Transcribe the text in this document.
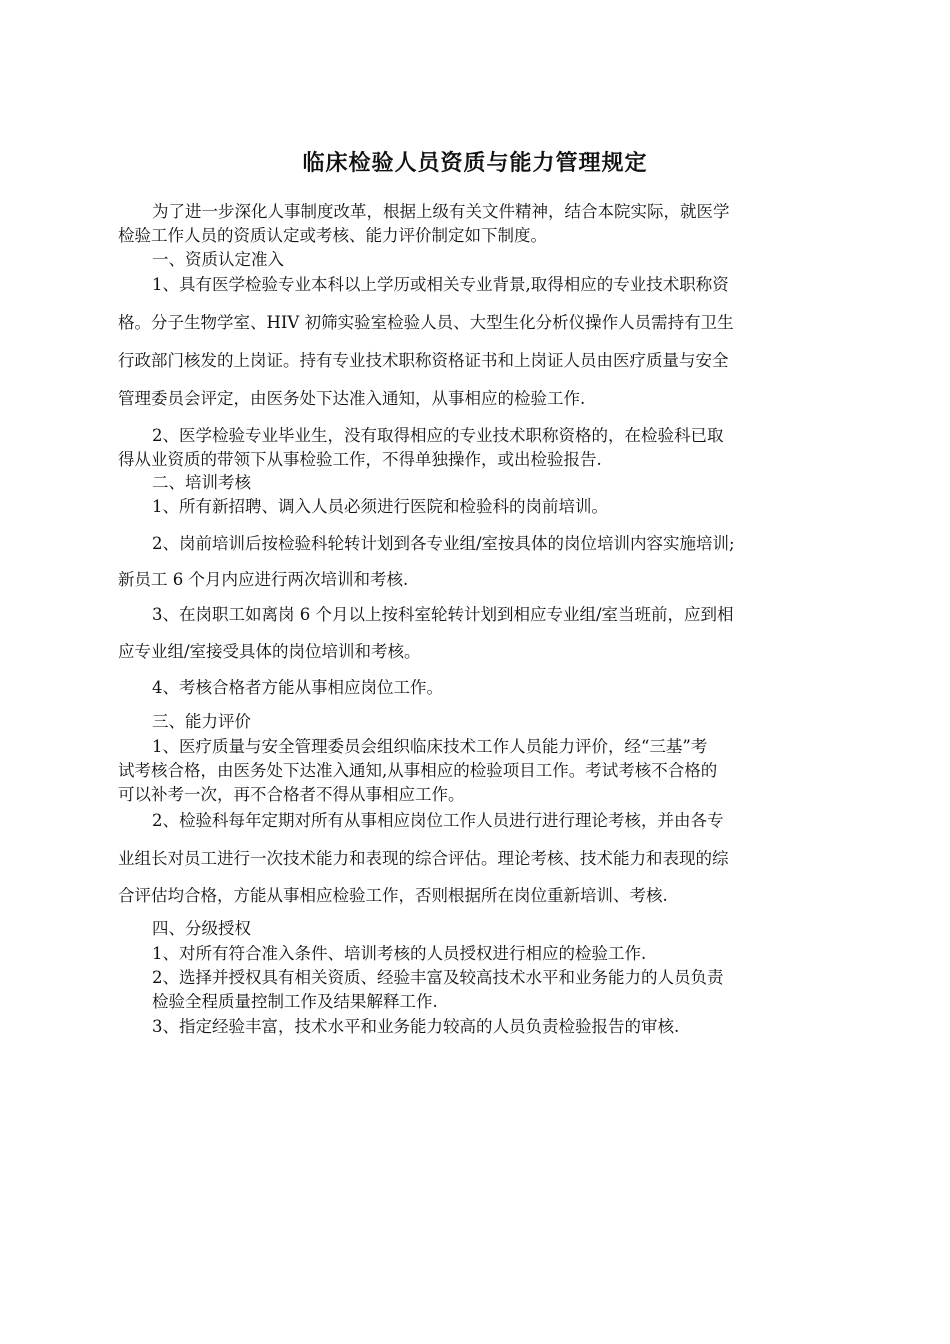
临床检验人员资质与能力管理规定
为了进一步深化人事制度改革，根据上级有关文件精神，结合本院实际，就医学
检验工作人员的资质认定或考核、能力评价制定如下制度。
一、资质认定准入
1、具有医学检验专业本科以上学历或相关专业背景,取得相应的专业技术职称资
格。分子生物学室、HIV 初筛实验室检验人员、大型生化分析仪操作人员需持有卫生
行政部门核发的上岗证。持有专业技术职称资格证书和上岗证人员由医疗质量与安全
管理委员会评定，由医务处下达准入通知，从事相应的检验工作.
2、医学检验专业毕业生，没有取得相应的专业技术职称资格的，在检验科已取
得从业资质的带领下从事检验工作，不得单独操作，或出检验报告.
二、培训考核
1、所有新招聘、调入人员必须进行医院和检验科的岗前培训。
2、岗前培训后按检验科轮转计划到各专业组/室按具体的岗位培训内容实施培训;
新员工 6 个月内应进行两次培训和考核.
3、在岗职工如离岗 6 个月以上按科室轮转计划到相应专业组/室当班前，应到相
应专业组/室接受具体的岗位培训和考核。
4、考核合格者方能从事相应岗位工作。
三、能力评价
1、医疗质量与安全管理委员会组织临床技术工作人员能力评价，经“三基”考
试考核合格，由医务处下达准入通知,从事相应的检验项目工作。考试考核不合格的
可以补考一次，再不合格者不得从事相应工作。
2、检验科每年定期对所有从事相应岗位工作人员进行进行理论考核，并由各专
业组长对员工进行一次技术能力和表现的综合评估。理论考核、技术能力和表现的综
合评估均合格，方能从事相应检验工作，否则根据所在岗位重新培训、考核.
四、分级授权
1、对所有符合准入条件、培训考核的人员授权进行相应的检验工作.
2、选择并授权具有相关资质、经验丰富及较高技术水平和业务能力的人员负责
检验全程质量控制工作及结果解释工作.
3、指定经验丰富，技术水平和业务能力较高的人员负责检验报告的审核.
